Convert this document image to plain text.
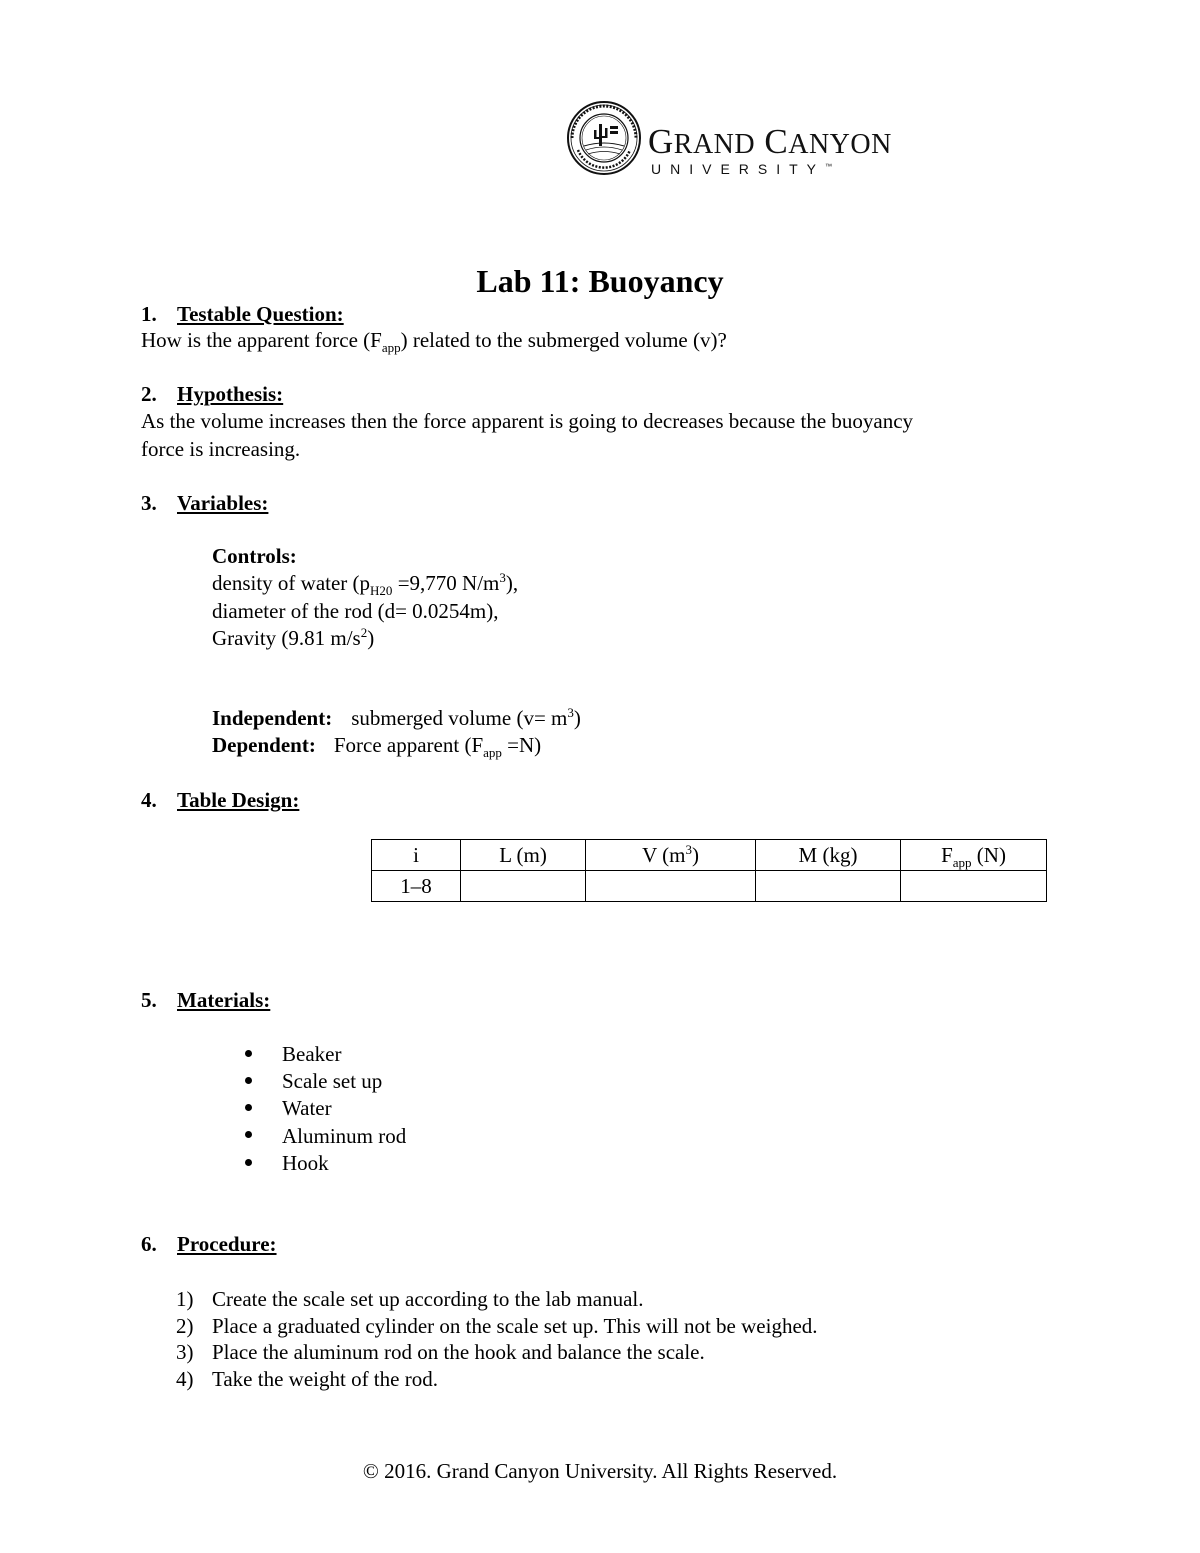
GRAND CANYON
UNIVERSITY™
Lab 11: Buoyancy
1. Testable Question:
How is the apparent force $(F_{app})$ related to the submerged volume (v)?
2. Hypothesis:
As the volume increases then the force apparent is going to decreases because the buoyancy
force is increasing.
3. Variables:
Controls:
density of water ($p_{H20} =9,770$ $N/m^3$),
diameter of the rod (d= 0.0254m),
Gravity (9.81 $m/s^2$)
Independent: submerged volume $(v= m^3)$
Dependent: Force apparent $(F_{app} =N)$
4. Table Design:
i	L (m)	V $(m^3)$	M (kg)	$F_{app}$ (N)
1–8				
5. Materials:
Beaker
Scale set up
Water
Aluminum rod
Hook
6. Procedure:
1) Create the scale set up according to the lab manual.
2) Place a graduated cylinder on the scale set up. This will not be weighed.
3) Place the aluminum rod on the hook and balance the scale.
4) Take the weight of the rod.
© 2016. Grand Canyon University. All Rights Reserved.
